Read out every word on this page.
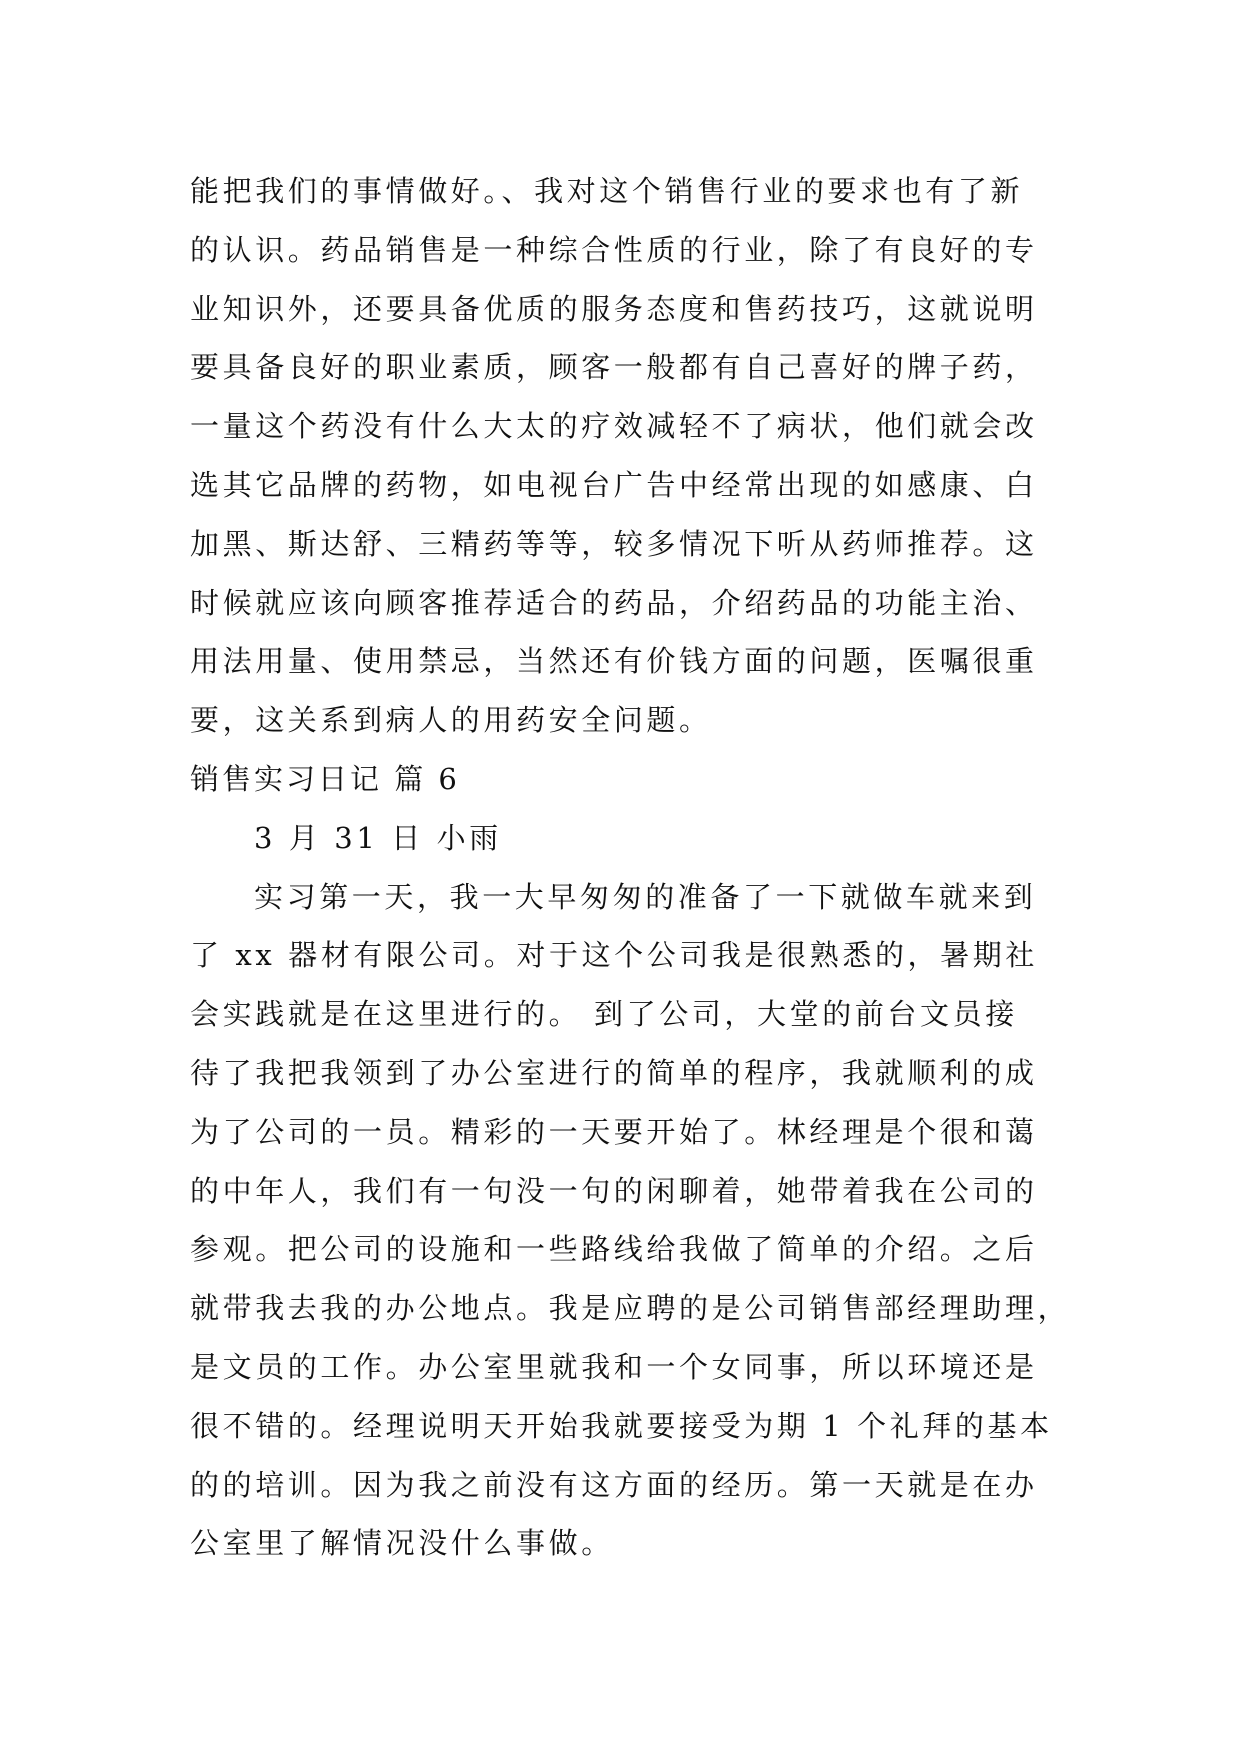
能把我们的事情做好。、我对这个销售行业的要求也有了新
的认识。药品销售是一种综合性质的行业，除了有良好的专
业知识外，还要具备优质的服务态度和售药技巧，这就说明
要具备良好的职业素质，顾客一般都有自己喜好的牌子药，
一量这个药没有什么大太的疗效减轻不了病状，他们就会改
选其它品牌的药物，如电视台广告中经常出现的如感康、白
加黑、斯达舒、三精药等等，较多情况下听从药师推荐。这
时候就应该向顾客推荐适合的药品，介绍药品的功能主治、
用法用量、使用禁忌，当然还有价钱方面的问题，医嘱很重
要，这关系到病人的用药安全问题。
销售实习日记 篇 6
3 月 31 日 小雨
实习第一天，我一大早匆匆的准备了一下就做车就来到
了 xx 器材有限公司。对于这个公司我是很熟悉的，暑期社
会实践就是在这里进行的。 到了公司，大堂的前台文员接
待了我把我领到了办公室进行的简单的程序，我就顺利的成
为了公司的一员。精彩的一天要开始了。林经理是个很和蔼
的中年人，我们有一句没一句的闲聊着，她带着我在公司的
参观。把公司的设施和一些路线给我做了简单的介绍。之后
就带我去我的办公地点。我是应聘的是公司销售部经理助理，
是文员的工作。办公室里就我和一个女同事，所以环境还是
很不错的。经理说明天开始我就要接受为期 1 个礼拜的基本
的的培训。因为我之前没有这方面的经历。第一天就是在办
公室里了解情况没什么事做。
